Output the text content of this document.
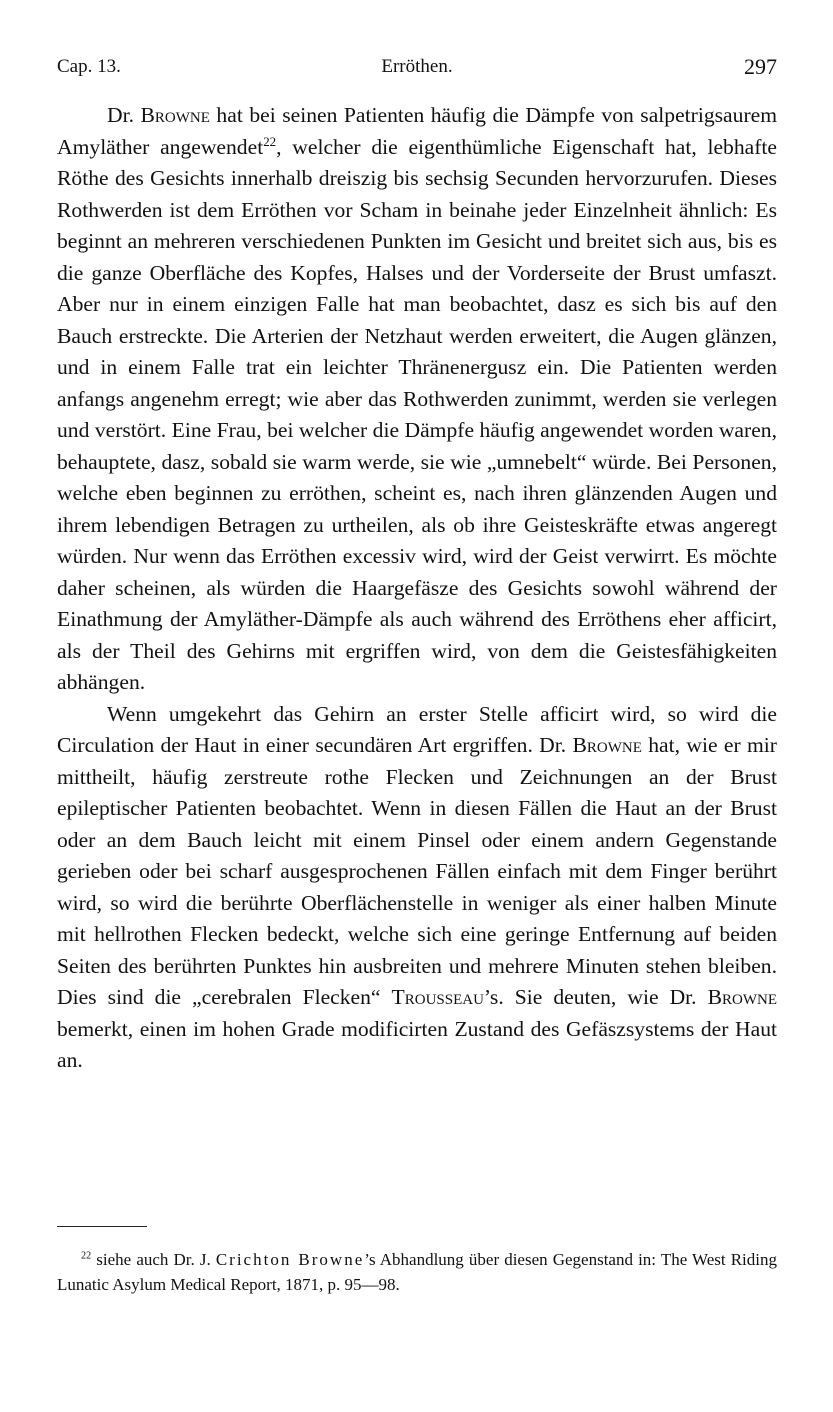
Cap. 13.	Erröthen.	297

Dr. Browne hat bei seinen Patienten häufig die Dämpfe von salpetrigsaurem Amyläther angewendet$^{22}$, welcher die eigenthümliche Eigenschaft hat, lebhafte Röthe des Gesichts innerhalb dreiszig bis sechsig Secunden hervorzurufen. Dieses Rothwerden ist dem Erröthen vor Scham in beinahe jeder Einzelnheit ähnlich: Es beginnt an mehreren verschiedenen Punkten im Gesicht und breitet sich aus, bis es die ganze Oberfläche des Kopfes, Halses und der Vorderseite der Brust umfaszt. Aber nur in einem einzigen Falle hat man beobachtet, dasz es sich bis auf den Bauch erstreckte. Die Arterien der Netzhaut werden erweitert, die Augen glänzen, und in einem Falle trat ein leichter Thränenergusz ein. Die Patienten werden anfangs angenehm erregt; wie aber das Rothwerden zunimmt, werden sie verlegen und verstört. Eine Frau, bei welcher die Dämpfe häufig angewendet worden waren, behauptete, dasz, sobald sie warm werde, sie wie „umnebelt“ würde. Bei Personen, welche eben beginnen zu erröthen, scheint es, nach ihren glänzenden Augen und ihrem lebendigen Betragen zu urtheilen, als ob ihre Geisteskräfte etwas angeregt würden. Nur wenn das Erröthen excessiv wird, wird der Geist verwirrt. Es möchte daher scheinen, als würden die Haargefäsze des Gesichts sowohl während der Einathmung der Amyläther-Dämpfe als auch während des Erröthens eher afficirt, als der Theil des Gehirns mit ergriffen wird, von dem die Geistesfähigkeiten abhängen.

Wenn umgekehrt das Gehirn an erster Stelle afficirt wird, so wird die Circulation der Haut in einer secundären Art ergriffen. Dr. Browne hat, wie er mir mittheilt, häufig zerstreute rothe Flecken und Zeichnungen an der Brust epileptischer Patienten beobachtet. Wenn in diesen Fällen die Haut an der Brust oder an dem Bauch leicht mit einem Pinsel oder einem andern Gegenstande gerieben oder bei scharf ausgesprochenen Fällen einfach mit dem Finger berührt wird, so wird die berührte Oberflächenstelle in weniger als einer halben Minute mit hellrothen Flecken bedeckt, welche sich eine geringe Entfernung auf beiden Seiten des berührten Punktes hin ausbreiten und mehrere Minuten stehen bleiben. Dies sind die „cerebralen Flecken“ Trousseau’s. Sie deuten, wie Dr. Browne bemerkt, einen im hohen Grade modificirten Zustand des Gefäszsystems der Haut an.

$^{22}$ siehe auch Dr. J. Crichton Browne’s Abhandlung über diesen Gegenstand in: The West Riding Lunatic Asylum Medical Report, 1871, p. 95—98.
